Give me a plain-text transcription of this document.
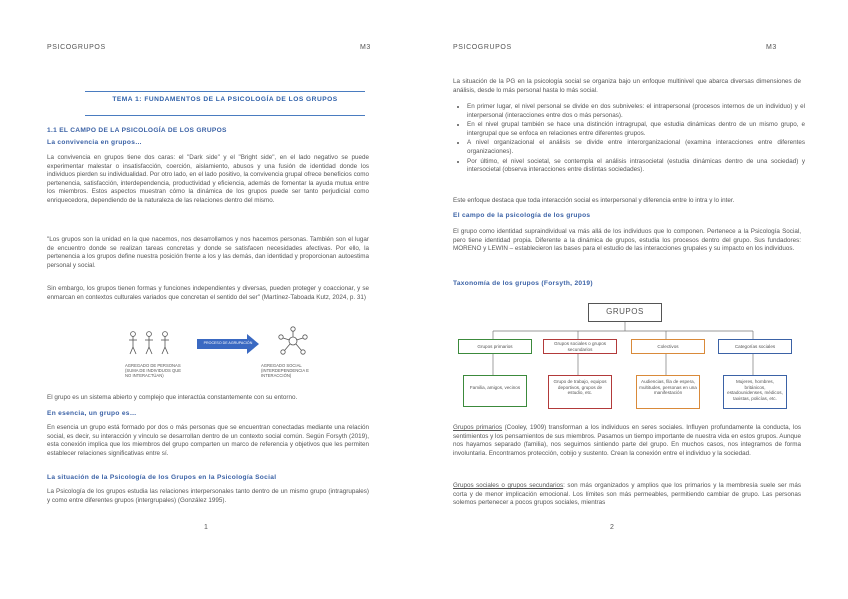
PSICOGRUPOS	M3
TEMA 1: FUNDAMENTOS DE LA PSICOLOGÍA DE LOS GRUPOS
1.1 EL CAMPO DE LA PSICOLOGÍA DE LOS GRUPOS
La convivencia en grupos…
La convivencia en grupos tiene dos caras: el "Dark side" y el "Bright side", en el lado negativo se puede experimentar malestar o insatisfacción, coerción, aislamiento, abusos y una fusión de identidad donde los individuos pierden su individualidad. Por otro lado, en el lado positivo, la convivencia grupal ofrece beneficios como pertenencia, satisfacción, interdependencia, productividad y eficiencia, además de fomentar la ayuda mutua entre los miembros. Estos aspectos muestran cómo la dinámica de los grupos puede ser tanto perjudicial como enriquecedora, dependiendo de la naturaleza de las relaciones dentro del mismo.
"Los grupos son la unidad en la que nacemos, nos desarrollamos y nos hacemos personas. También son el lugar de encuentro donde se realizan tareas concretas y donde se satisfacen necesidades afectivas. Por ello, la pertenencia a los grupos define nuestra posición frente a los y las demás, dan identidad y proporcionan autoestima personal y social.
Sin embargo, los grupos tienen formas y funciones independientes y diversas, pueden proteger y coaccionar, y se enmarcan en contextos culturales variados que concretan el sentido del ser" (Martínez-Taboada Kutz, 2024, p. 31)
PROCESO DE AGRUPACIÓN
AGREGADO DE PERSONAS (SUMA DE INDIVIDUOS QUE NO INTERACTÚAN)
AGREGADO SOCIAL (INTERDEPENDENCIA E INTERACCIÓN)
El grupo es un sistema abierto y complejo que interactúa constantemente con su entorno.
En esencia, un grupo es…
En esencia un grupo está formado por dos o más personas que se encuentran conectadas mediante una relación social, es decir, su interacción y vínculo se desarrollan dentro de un contexto social común. Según Forsyth (2019), esta conexión implica que los miembros del grupo comparten un marco de referencia y objetivos que les permiten establecer relaciones significativas entre sí.
La situación de la Psicología de los Grupos en la Psicología Social
La Psicología de los grupos estudia las relaciones interpersonales tanto dentro de un mismo grupo (intragrupales) y como entre diferentes grupos (intergrupales) (González 1995).
1
PSICOGRUPOS	M3
La situación de la PG en la psicología social se organiza bajo un enfoque multinivel que abarca diversas dimensiones de análisis, desde lo más personal hasta lo más social.
• En primer lugar, el nivel personal se divide en dos subniveles: el intrapersonal (procesos internos de un individuo) y el interpersonal (interacciones entre dos o más personas).
• En el nivel grupal también se hace una distinción intragrupal, que estudia dinámicas dentro de un mismo grupo, e intergrupal que se enfoca en relaciones entre diferentes grupos.
• A nivel organizacional el análisis se divide entre interorganizacional (examina interacciones entre diferentes organizaciones).
• Por último, el nivel societal, se contempla el análisis intrasocietal (estudia dinámicas dentro de una sociedad) y intersocietal (observa interacciones entre distintas sociedades).
Este enfoque destaca que toda interacción social es interpersonal y diferencia entre lo intra y lo inter.
El campo de la psicología de los grupos
El grupo como identidad supraindividual va más allá de los individuos que lo componen. Pertenece a la Psicología Social, pero tiene identidad propia. Diferente a la dinámica de grupos, estudia los procesos dentro del grupo. Sus fundadores: MORENO y LEWIN – establecieron las bases para el estudio de las interacciones grupales y su impacto en los individuos.
Taxonomía de los grupos (Forsyth, 2019)
GRUPOS
Grupos primarios
Grupos sociales o grupos secundarios
Colectivos	Categorías sociales
Familia, amigos, vecinos
Grupo de trabajo, equipos deportivos, grupos de estudio, etc.
Audiencias, fila de espera, multitudes, personas en una manifestación
Mujeres, hombres, británicos, estadounidenses, médicos, taxistas, policías, etc.
Grupos primarios (Cooley, 1909) transforman a los individuos en seres sociales. Influyen profundamente la conducta, los sentimientos y los pensamientos de sus miembros. Pasamos un tiempo importante de nuestra vida en estos grupos. Aunque nos hayamos separado (familia), nos seguimos sintiendo parte del grupo. En muchos casos, nos integramos de forma involuntaria. Encontramos protección, cobijo y sustento. Crean la conexión entre el individuo y la sociedad.
Grupos sociales o grupos secundarios: son más organizados y amplios que los primarios y la membresía suele ser más corta y de menor implicación emocional. Los límites son más permeables, permitiendo cambiar de grupo. Las personas solemos pertenecer a pocos grupos sociales, mientras
2
